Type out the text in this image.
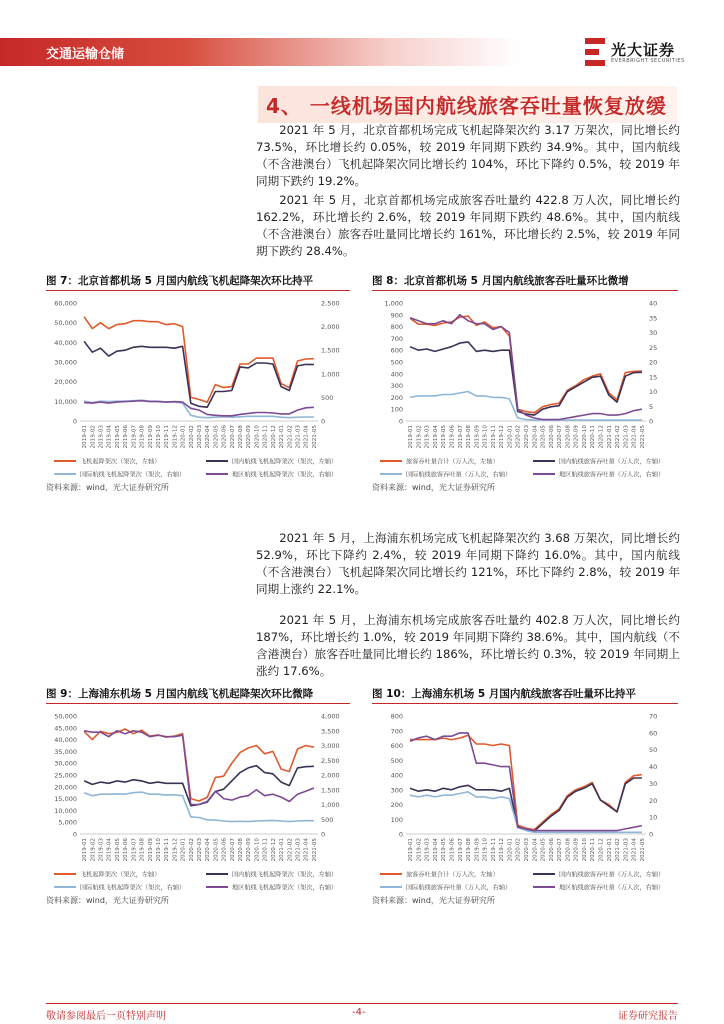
交通运输仓储	光大证券
EVERBRIGHT SECURITIES
4、 一线机场国内航线旅客吞吐量恢复放缓
2021 年 5 月，北京首都机场完成飞机起降架次约 3.17 万架次，同比增长约 73.5%，环比增长约 0.05%，较 2019 年同期下跌约 34.9%。其中，国内航线（不含港澳台）飞机起降架次同比增长约 104%，环比下降约 0.5%，较 2019 年同期下跌约 19.2%。
2021 年 5 月，北京首都机场完成旅客吞吐量约 422.8 万人次，同比增长约 162.2%，环比增长约 2.6%，较 2019 年同期下跌约 48.6%。其中，国内航线（不含港澳台）旅客吞吐量同比增长约 161%，环比增长约 2.5%，较 2019 年同期下跌约 28.4%。
图 7：北京首都机场 5 月国内航线飞机起降架次环比持平	图 8：北京首都机场 5 月国内航线旅客吞吐量环比微增
0
10,000
20,000
30,000
40,000
50,000
60,000
0
500
1,000
1,500
2,000
2,500
2019-01 2019-02 2019-03 2019-04 2019-05 2019-06 2019-07 2019-08 2019-09 2019-10 2019-11 2019-12 2020-01 2020-02 2020-03 2020-04 2020-05 2020-06 2020-07 2020-08 2020-09 2020-10 2020-11 2020-12 2021-01 2021-02 2021-03 2021-04 2021-05
飞机起降架次（架次，左轴）	国内航线飞机起降架次（架次，左轴）
国际航线飞机起降架次（架次，右轴）	地区航线飞机起降架次（架次，右轴）
0
100
200
300
400
500
600
700
800
900
1,000
0
5
10
15
20
25
30
35
40
2019-01 2019-02 2019-03 2019-04 2019-05 2019-06 2019-07 2019-08 2019-09 2019-10 2019-11 2019-12 2020-01 2020-02 2020-03 2020-04 2020-05 2020-06 2020-07 2020-08 2020-09 2020-10 2020-11 2020-12 2021-01 2021-02 2021-03 2021-04 2021-05
旅客吞吐量合计（万人次，左轴）	国内航线旅客吞吐量（万人次，左轴）
国际航线旅客吞吐量（万人次，右轴）	地区航线旅客吞吐量（万人次，右轴）
资料来源：wind，光大证券研究所	资料来源：wind，光大证券研究所
2021 年 5 月，上海浦东机场完成飞机起降架次约 3.68 万架次，同比增长约 52.9%，环比下降约 2.4%，较 2019 年同期下降约 16.0%。其中，国内航线（不含港澳台）飞机起降架次同比增长约 121%，环比下降约 2.8%，较 2019 年同期上涨约 22.1%。
2021 年 5 月，上海浦东机场完成旅客吞吐量约 402.8 万人次，同比增长约 187%，环比增长约 1.0%，较 2019 年同期下降约 38.6%。其中，国内航线（不含港澳台）旅客吞吐量同比增长约 186%，环比增长约 0.3%，较 2019 年同期上涨约 17.6%。
图 9：上海浦东机场 5 月国内航线飞机起降架次环比微降	图 10：上海浦东机场 5 月国内航线旅客吞吐量环比持平
0
5,000
10,000
15,000
20,000
25,000
30,000
35,000
40,000
45,000
50,000
0
500
1,000
1,500
2,000
2,500
3,000
3,500
4,000
2019-01 2019-02 2019-03 2019-04 2019-05 2019-06 2019-07 2019-08 2019-09 2019-10 2019-11 2019-12 2020-01 2020-02 2020-03 2020-04 2020-05 2020-06 2020-07 2020-08 2020-09 2020-10 2020-11 2020-12 2021-01 2021-02 2021-03 2021-04 2021-05
飞机起降架次（架次，左轴）	国内航线飞机起降架次（架次，左轴）
国际航线飞机起降架次（架次，右轴）	地区航线飞机起降架次（架次，右轴）
0
100
200
300
400
500
600
700
800
0
10
20
30
40
50
60
70
2019-01 2019-02 2019-03 2019-04 2019-05 2019-06 2019-07 2019-08 2019-09 2019-10 2019-11 2019-12 2020-01 2020-02 2020-03 2020-04 2020-05 2020-06 2020-07 2020-08 2020-09 2020-10 2020-11 2020-12 2021-01 2021-02 2021-03 2021-04 2021-05
旅客吞吐量合计（万人次，左轴）	国内航线旅客吞吐量（万人次，左轴）
国际航线旅客吞吐量（万人次，右轴）	地区航线旅客吞吐量（万人次，右轴）
资料来源：wind，光大证券研究所	资料来源：wind，光大证券研究所
敬请参阅最后一页特别声明	-4-	证券研究报告
